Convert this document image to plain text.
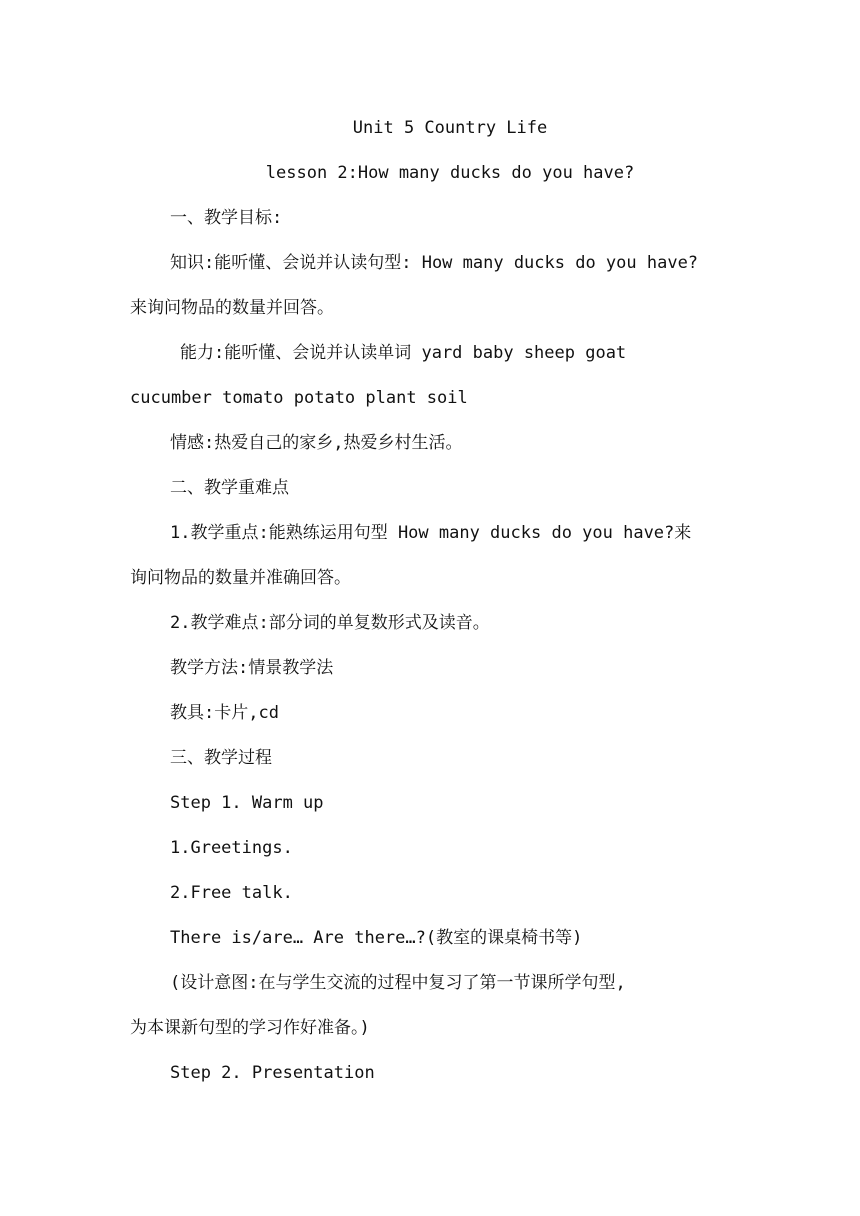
Unit 5 Country Life
lesson 2:How many ducks do you have?
一、教学目标:
知识:能听懂、会说并认读句型: How many ducks do you have?
来询问物品的数量并回答。
能力:能听懂、会说并认读单词 yard baby sheep goat
cucumber tomato potato plant soil
情感:热爱自己的家乡,热爱乡村生活。
二、教学重难点
1.教学重点:能熟练运用句型 How many ducks do you have?来
询问物品的数量并准确回答。
2.教学难点:部分词的单复数形式及读音。
教学方法:情景教学法
教具:卡片,cd
三、教学过程
Step 1. Warm up
1.Greetings.
2.Free talk.
There is/are… Are there…?(教室的课桌椅书等)
(设计意图:在与学生交流的过程中复习了第一节课所学句型,
为本课新句型的学习作好准备。)
Step 2. Presentation
